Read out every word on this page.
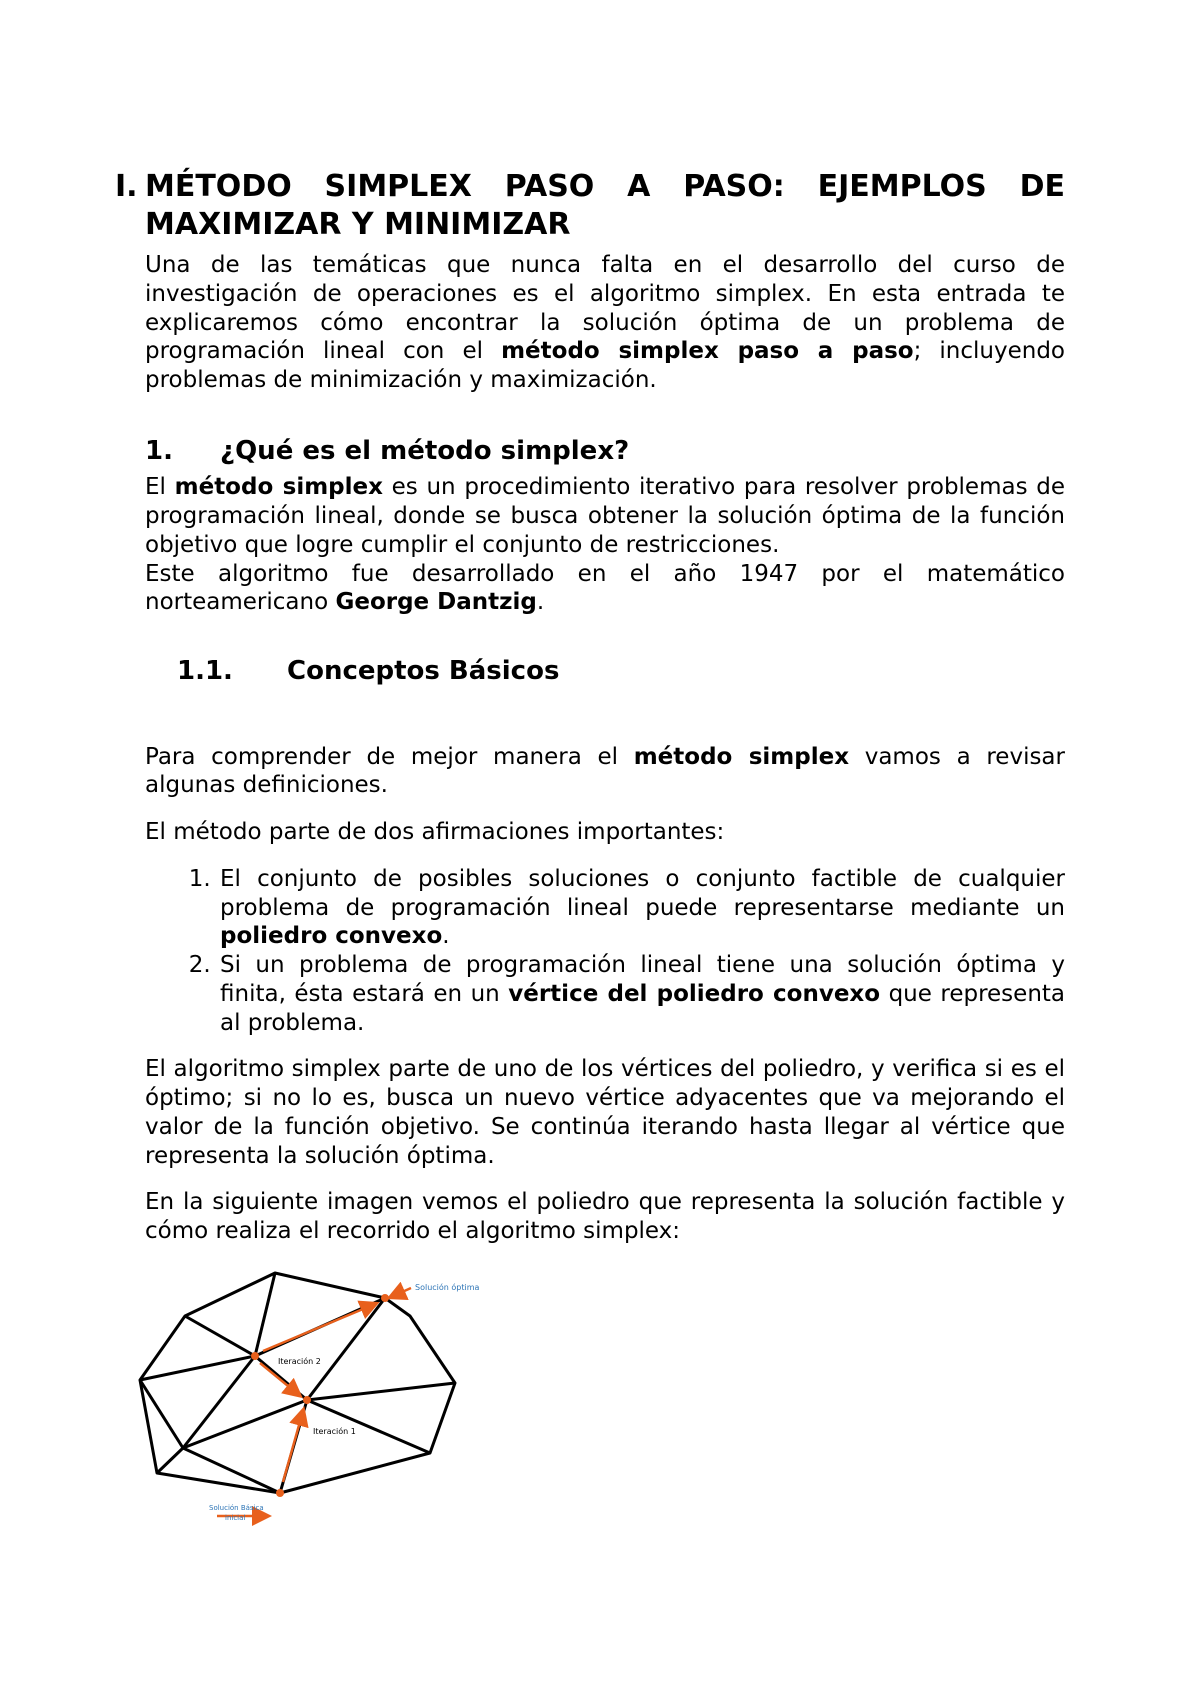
I. MÉTODO SIMPLEX PASO A PASO: EJEMPLOS DE MAXIMIZAR Y MINIMIZAR

Una de las temáticas que nunca falta en el desarrollo del curso de investigación de operaciones es el algoritmo simplex. En esta entrada te explicaremos cómo encontrar la solución óptima de un problema de programación lineal con el método simplex paso a paso; incluyendo problemas de minimización y maximización.

1.	¿Qué es el método simplex?

El método simplex es un procedimiento iterativo para resolver problemas de programación lineal, donde se busca obtener la solución óptima de la función objetivo que logre cumplir el conjunto de restricciones.

Este algoritmo fue desarrollado en el año 1947 por el matemático norteamericano George Dantzig.

1.1.	Conceptos Básicos

Para comprender de mejor manera el método simplex vamos a revisar algunas definiciones.

El método parte de dos afirmaciones importantes:

1. El conjunto de posibles soluciones o conjunto factible de cualquier problema de programación lineal puede representarse mediante un poliedro convexo.
2. Si un problema de programación lineal tiene una solución óptima y finita, ésta estará en un vértice del poliedro convexo que representa al problema.

El algoritmo simplex parte de uno de los vértices del poliedro, y verifica si es el óptimo; si no lo es, busca un nuevo vértice adyacentes que va mejorando el valor de la función objetivo. Se continúa iterando hasta llegar al vértice que representa la solución óptima.

En la siguiente imagen vemos el poliedro que representa la solución factible y cómo realiza el recorrido el algoritmo simplex:

Solución óptima
Iteración 2
Iteración 1
Solución Básica
inicial
